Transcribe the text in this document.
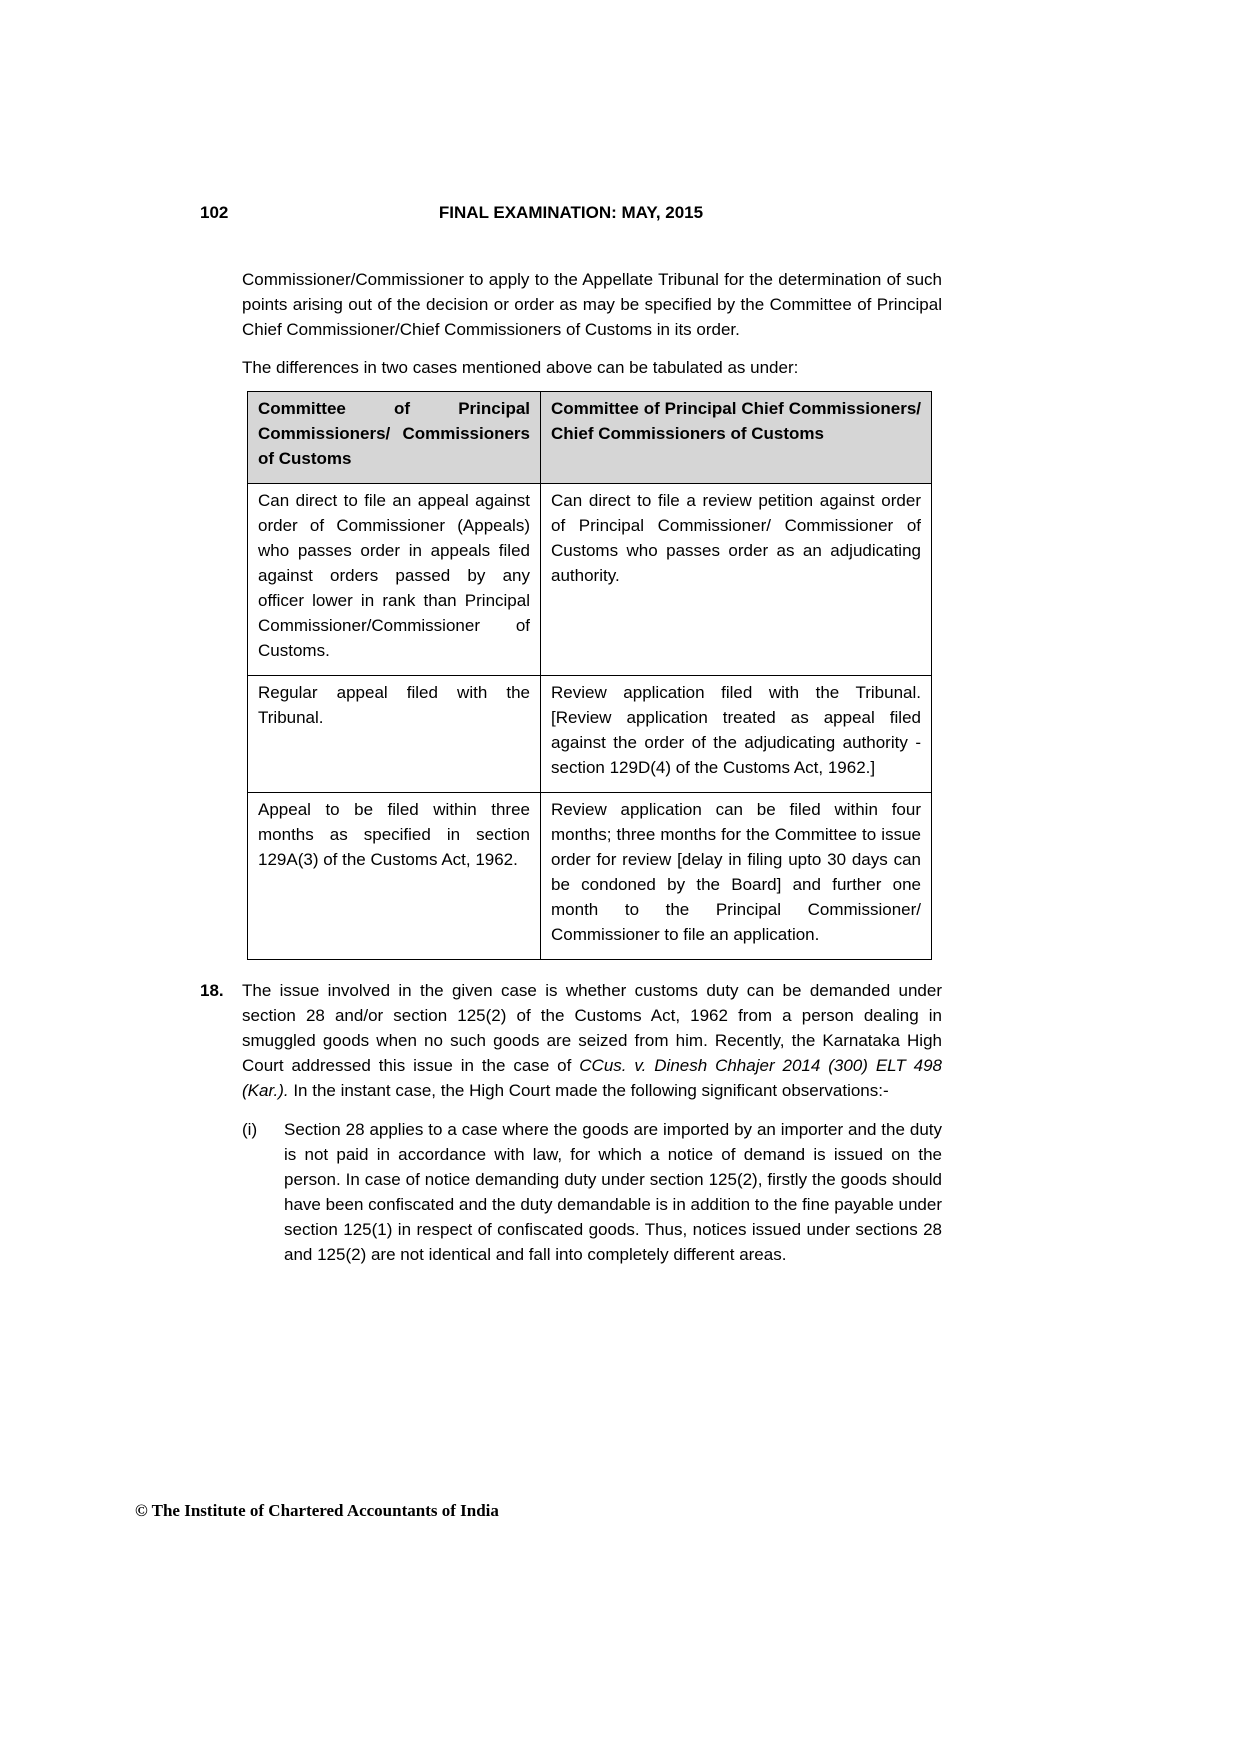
102	FINAL EXAMINATION: MAY, 2015

Commissioner/Commissioner to apply to the Appellate Tribunal for the determination of such points arising out of the decision or order as may be specified by the Committee of Principal Chief Commissioner/Chief Commissioners of Customs in its order.

The differences in two cases mentioned above can be tabulated as under:

Committee of Principal Commissioners/ Commissioners of Customs	Committee of Principal Chief Commissioners/ Chief Commissioners of Customs
Can direct to file an appeal against order of Commissioner (Appeals) who passes order in appeals filed against orders passed by any officer lower in rank than Principal Commissioner/Commissioner of Customs.	Can direct to file a review petition against order of Principal Commissioner/ Commissioner of Customs who passes order as an adjudicating authority.
Regular appeal filed with the Tribunal.	Review application filed with the Tribunal. [Review application treated as appeal filed against the order of the adjudicating authority - section 129D(4) of the Customs Act, 1962.]
Appeal to be filed within three months as specified in section 129A(3) of the Customs Act, 1962.	Review application can be filed within four months; three months for the Committee to issue order for review [delay in filing upto 30 days can be condoned by the Board] and further one month to the Principal Commissioner/ Commissioner to file an application.
18. The issue involved in the given case is whether customs duty can be demanded under section 28 and/or section 125(2) of the Customs Act, 1962 from a person dealing in smuggled goods when no such goods are seized from him. Recently, the Karnataka High Court addressed this issue in the case of CCus. v. Dinesh Chhajer 2014 (300) ELT 498 (Kar.). In the instant case, the High Court made the following significant observations:-
(i) Section 28 applies to a case where the goods are imported by an importer and the duty is not paid in accordance with law, for which a notice of demand is issued on the person. In case of notice demanding duty under section 125(2), firstly the goods should have been confiscated and the duty demandable is in addition to the fine payable under section 125(1) in respect of confiscated goods. Thus, notices issued under sections 28 and 125(2) are not identical and fall into completely different areas.
© The Institute of Chartered Accountants of India
